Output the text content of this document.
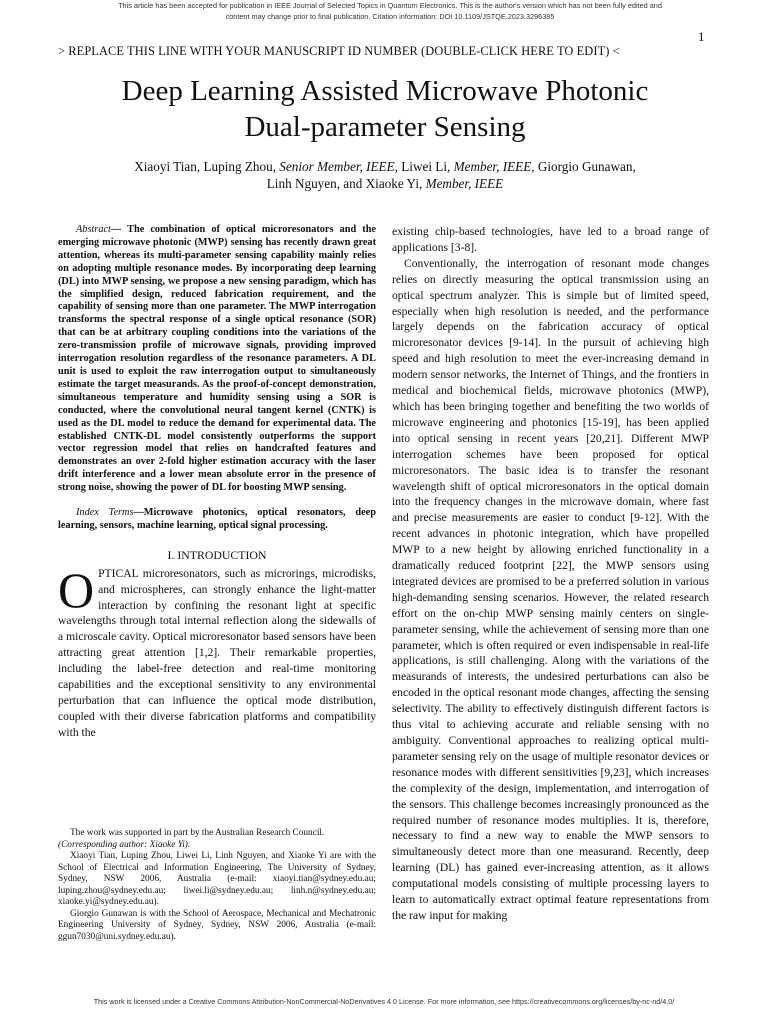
This article has been accepted for publication in IEEE Journal of Selected Topics in Quantum Electronics. This is the author's version which has not been fully edited and
content may change prior to final publication. Citation information: DOI 10.1109/JSTQE.2023.3296385
1
> REPLACE THIS LINE WITH YOUR MANUSCRIPT ID NUMBER (DOUBLE-CLICK HERE TO EDIT) <
Deep Learning Assisted Microwave Photonic
Dual-parameter Sensing
Xiaoyi Tian, Luping Zhou, Senior Member, IEEE, Liwei Li, Member, IEEE, Giorgio Gunawan,
Linh Nguyen, and Xiaoke Yi, Member, IEEE

Abstract— The combination of optical microresonators and the emerging microwave photonic (MWP) sensing has recently drawn great attention, whereas its multi-parameter sensing capability mainly relies on adopting multiple resonance modes. By incorporating deep learning (DL) into MWP sensing, we propose a new sensing paradigm, which has the simplified design, reduced fabrication requirement, and the capability of sensing more than one parameter. The MWP interrogation transforms the spectral response of a single optical resonance (SOR) that can be at arbitrary coupling conditions into the variations of the zero-transmission profile of microwave signals, providing improved interrogation resolution regardless of the resonance parameters. A DL unit is used to exploit the raw interrogation output to simultaneously estimate the target measurands. As the proof-of-concept demonstration, simultaneous temperature and humidity sensing using a SOR is conducted, where the convolutional neural tangent kernel (CNTK) is used as the DL model to reduce the demand for experimental data. The established CNTK-DL model consistently outperforms the support vector regression model that relies on handcrafted features and demonstrates an over 2-fold higher estimation accuracy with the laser drift interference and a lower mean absolute error in the presence of strong noise, showing the power of DL for boosting MWP sensing.

Index Terms—Microwave photonics, optical resonators, deep learning, sensors, machine learning, optical signal processing.

I. INTRODUCTION

OPTICAL microresonators, such as microrings, microdisks, and microspheres, can strongly enhance the light-matter interaction by confining the resonant light at specific wavelengths through total internal reflection along the sidewalls of a microscale cavity. Optical microresonator based sensors have been attracting great attention [1,2]. Their remarkable properties, including the label-free detection and real-time monitoring capabilities and the exceptional sensitivity to any environmental perturbation that can influence the optical mode distribution, coupled with their diverse fabrication platforms and compatibility with the

The work was supported in part by the Australian Research Council.
(Corresponding author: Xiaoke Yi).

Xiaoyi Tian, Luping Zhou, Liwei Li, Linh Nguyen, and Xiaoke Yi are with the School of Electrical and Information Engineering, The University of Sydney, Sydney, NSW 2006, Australia (e-mail: xiaoyi.tian@sydney.edu.au; luping.zhou@sydney.edu.au; liwei.li@sydney.edu.au; linh.n@sydney.edu.au; xiaoke.yi@sydney.edu.au).

Giorgio Gunawan is with the School of Aerospace, Mechanical and Mechatronic Engineering University of Sydney, Sydney, NSW 2006, Australia (e-mail: ggun7030@uni.sydney.edu.au).

existing chip-based technologies, have led to a broad range of applications [3-8].

Conventionally, the interrogation of resonant mode changes relies on directly measuring the optical transmission using an optical spectrum analyzer. This is simple but of limited speed, especially when high resolution is needed, and the performance largely depends on the fabrication accuracy of optical microresonator devices [9-14]. In the pursuit of achieving high speed and high resolution to meet the ever-increasing demand in modern sensor networks, the Internet of Things, and the frontiers in medical and biochemical fields, microwave photonics (MWP), which has been bringing together and benefiting the two worlds of microwave engineering and photonics [15-19], has been applied into optical sensing in recent years [20,21]. Different MWP interrogation schemes have been proposed for optical microresonators. The basic idea is to transfer the resonant wavelength shift of optical microresonators in the optical domain into the frequency changes in the microwave domain, where fast and precise measurements are easier to conduct [9-12]. With the recent advances in photonic integration, which have propelled MWP to a new height by allowing enriched functionality in a dramatically reduced footprint [22], the MWP sensors using integrated devices are promised to be a preferred solution in various high-demanding sensing scenarios. However, the related research effort on the on-chip MWP sensing mainly centers on single-parameter sensing, while the achievement of sensing more than one parameter, which is often required or even indispensable in real-life applications, is still challenging. Along with the variations of the measurands of interests, the undesired perturbations can also be encoded in the optical resonant mode changes, affecting the sensing selectivity. The ability to effectively distinguish different factors is thus vital to achieving accurate and reliable sensing with no ambiguity. Conventional approaches to realizing optical multi-parameter sensing rely on the usage of multiple resonator devices or resonance modes with different sensitivities [9,23], which increases the complexity of the design, implementation, and interrogation of the sensors. This challenge becomes increasingly pronounced as the required number of resonance modes multiplies. It is, therefore, necessary to find a new way to enable the MWP sensors to simultaneously detect more than one measurand. Recently, deep learning (DL) has gained ever-increasing attention, as it allows computational models consisting of multiple processing layers to learn to automatically extract optimal feature representations from the raw input for making

This work is licensed under a Creative Commons Attribution-NonCommercial-NoDerivatives 4.0 License. For more information, see https://creativecommons.org/licenses/by-nc-nd/4.0/
